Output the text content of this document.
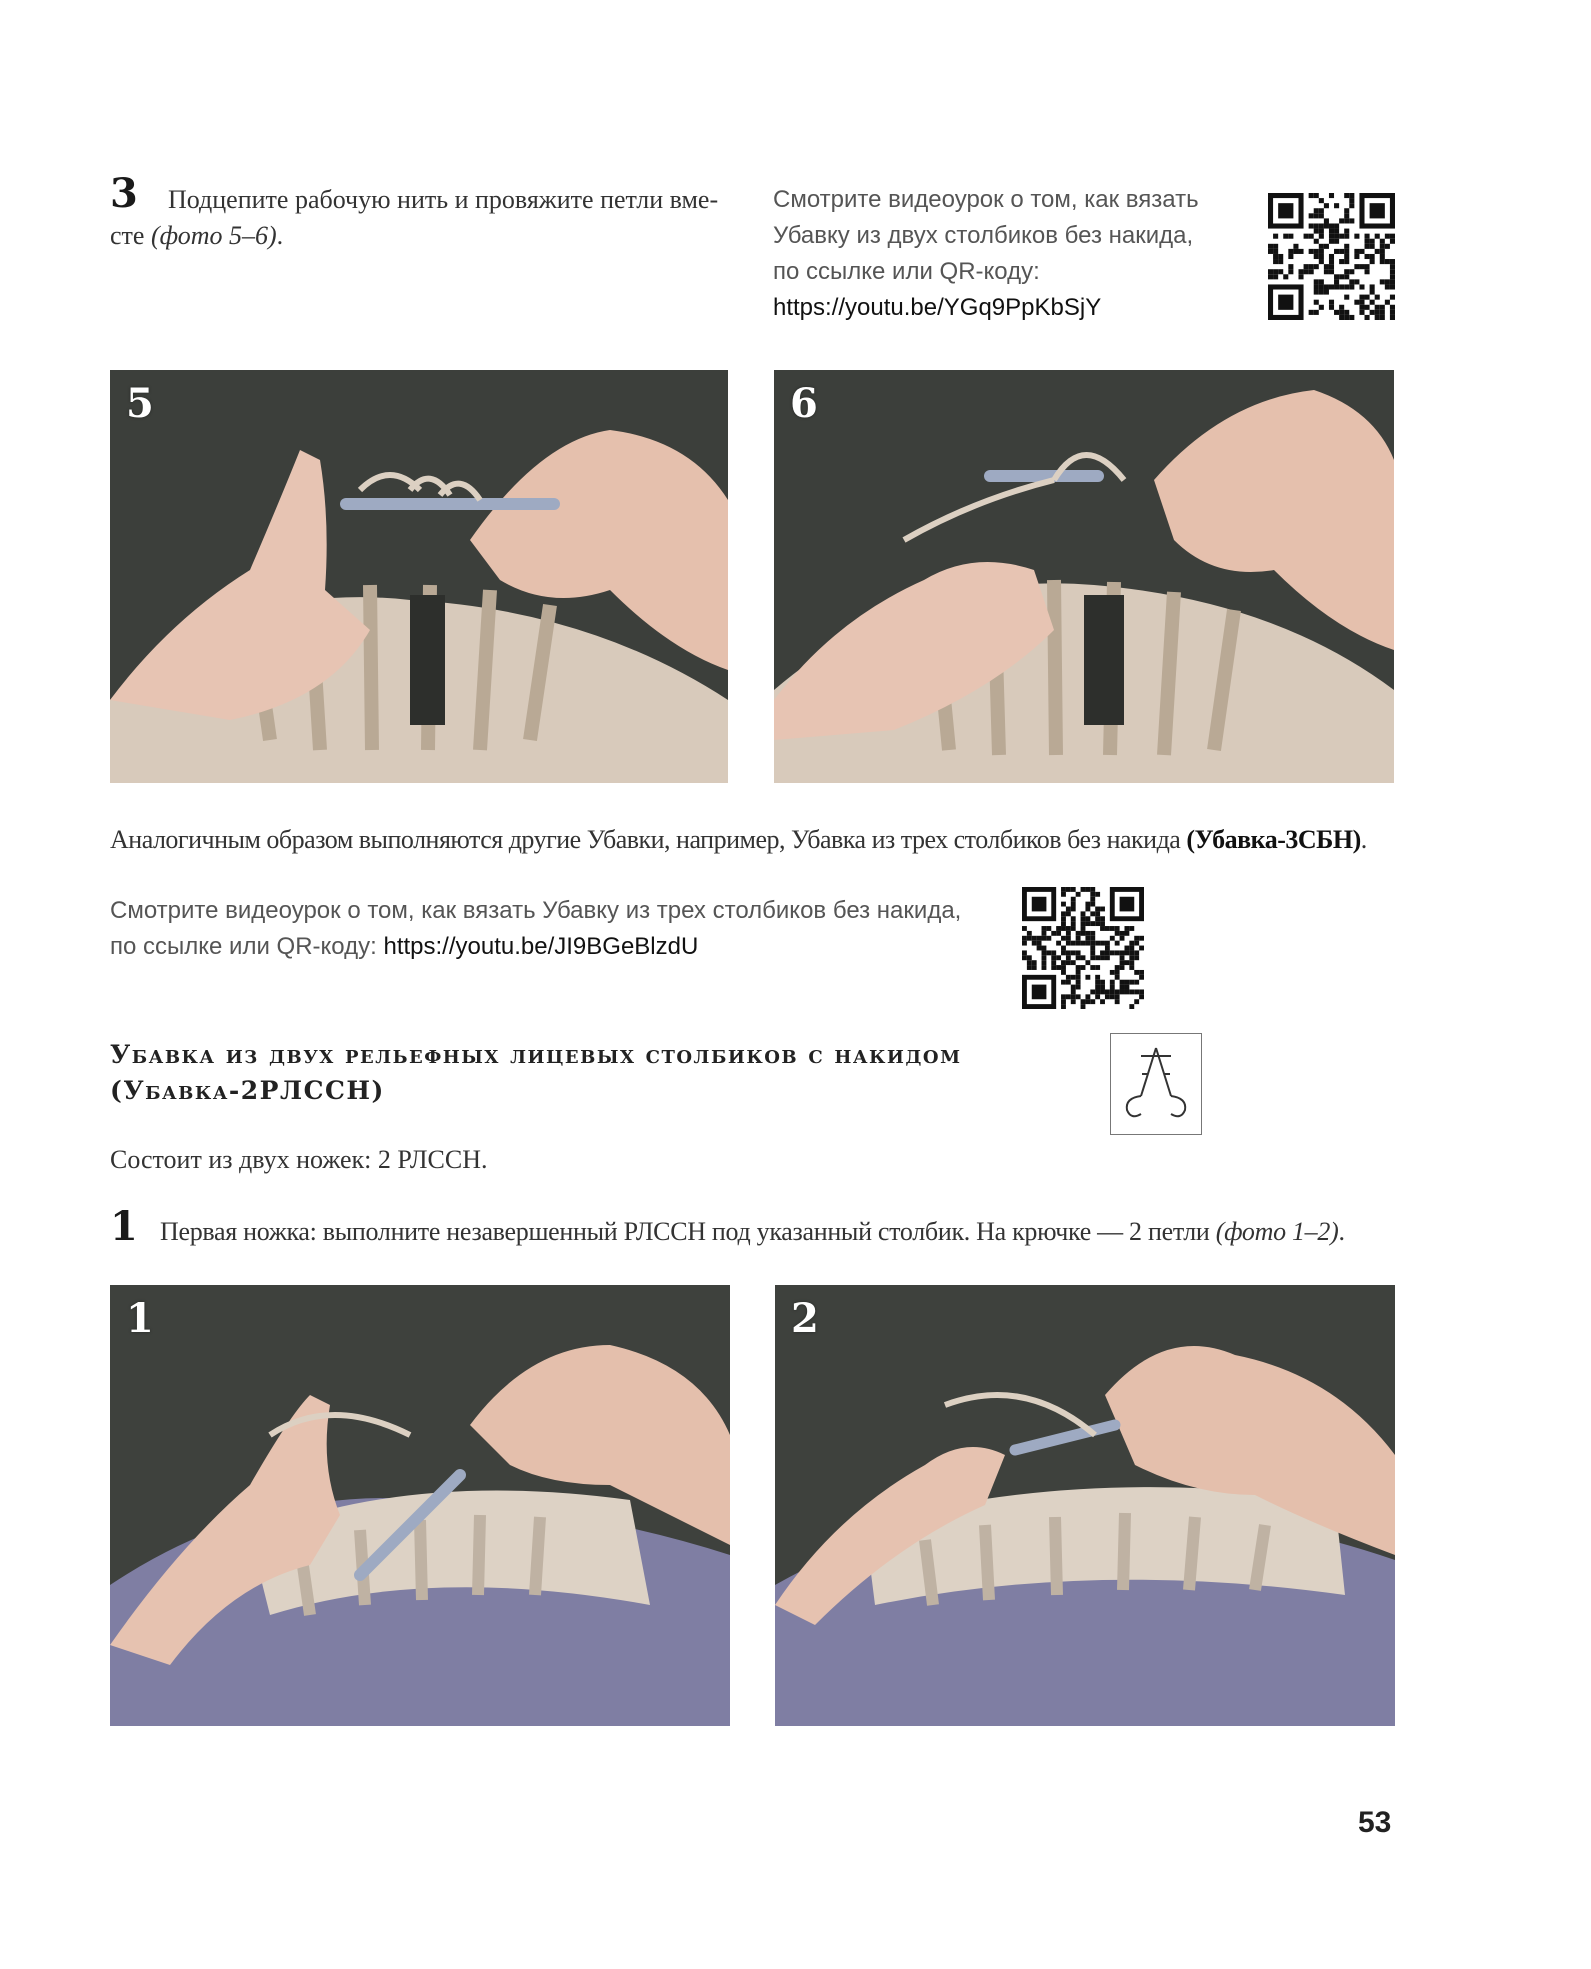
3	Подцепите рабочую нить и провяжите петли вме-
сте (фото 5–6).
Смотрите видеоурок о том, как вязать
Убавку из двух столбиков без накида,
по ссылке или QR-коду:
https://youtu.be/YGq9PpKbSjY
5	6
Аналогичным образом выполняются другие Убавки, например, Убавка из трех столбиков без накида (Убавка-3СБН).
Смотрите видеоурок о том, как вязать Убавку из трех столбиков без накида,
по ссылке или QR-коду: https://youtu.be/JI9BGeBlzdU
Убавка из двух рельефных лицевых столбиков с накидом
(Убавка-2РЛССН)
Состоит из двух ножек: 2 РЛССН.
1 Первая ножка: выполните незавершенный РЛССН под указанный столбик. На крючке — 2 петли (фото 1–2).
1	2
53
